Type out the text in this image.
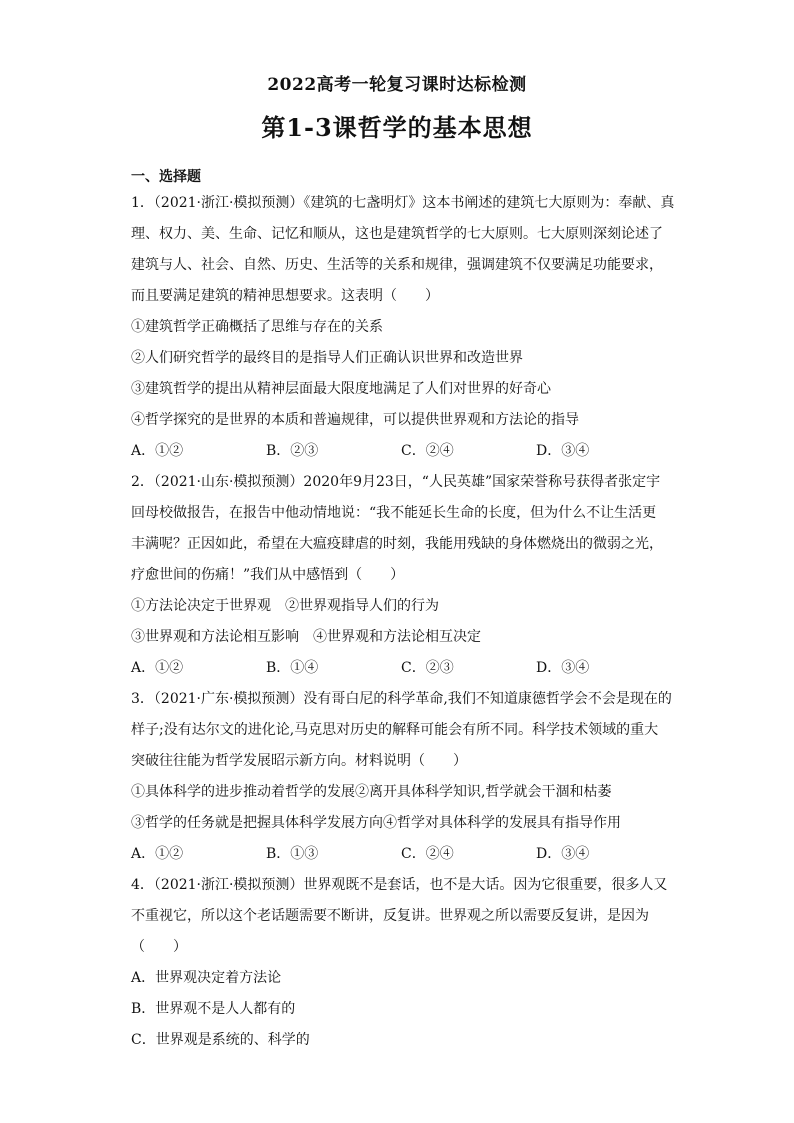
2022高考一轮复习课时达标检测
第1-3课哲学的基本思想
一、选择题
1．（2021·浙江·模拟预测）《建筑的七盏明灯》这本书阐述的建筑七大原则为：奉献、真
理、权力、美、生命、记忆和顺从，这也是建筑哲学的七大原则。七大原则深刻论述了
建筑与人、社会、自然、历史、生活等的关系和规律，强调建筑不仅要满足功能要求，
而且要满足建筑的精神思想要求。这表明（　　）
①建筑哲学正确概括了思维与存在的关系
②人们研究哲学的最终目的是指导人们正确认识世界和改造世界
③建筑哲学的提出从精神层面最大限度地满足了人们对世界的好奇心
④哲学探究的是世界的本质和普遍规律，可以提供世界观和方法论的指导
A．①②	B．②③	C．②④	D．③④
2．（2021·山东·模拟预测）2020年9月23日，“人民英雄”国家荣誉称号获得者张定宇
回母校做报告，在报告中他动情地说：“我不能延长生命的长度，但为什么不让生活更
丰满呢？正因如此，希望在大瘟疫肆虐的时刻，我能用残缺的身体燃烧出的微弱之光，
疗愈世间的伤痛！”我们从中感悟到（　　）
①方法论决定于世界观　②世界观指导人们的行为
③世界观和方法论相互影响　④世界观和方法论相互决定
A．①②	B．①④	C．②③	D．③④
3．（2021·广东·模拟预测）没有哥白尼的科学革命,我们不知道康德哲学会不会是现在的
样子;没有达尔文的进化论,马克思对历史的解释可能会有所不同。科学技术领域的重大
突破往往能为哲学发展昭示新方向。材料说明（　　）
①具体科学的进步推动着哲学的发展②离开具体科学知识,哲学就会干涸和枯萎
③哲学的任务就是把握具体科学发展方向④哲学对具体科学的发展具有指导作用
A．①②	B．①③	C．②④	D．③④
4．（2021·浙江·模拟预测）世界观既不是套话，也不是大话。因为它很重要，很多人又
不重视它，所以这个老话题需要不断讲，反复讲。世界观之所以需要反复讲，是因为
（　　）
A．世界观决定着方法论
B．世界观不是人人都有的
C．世界观是系统的、科学的
